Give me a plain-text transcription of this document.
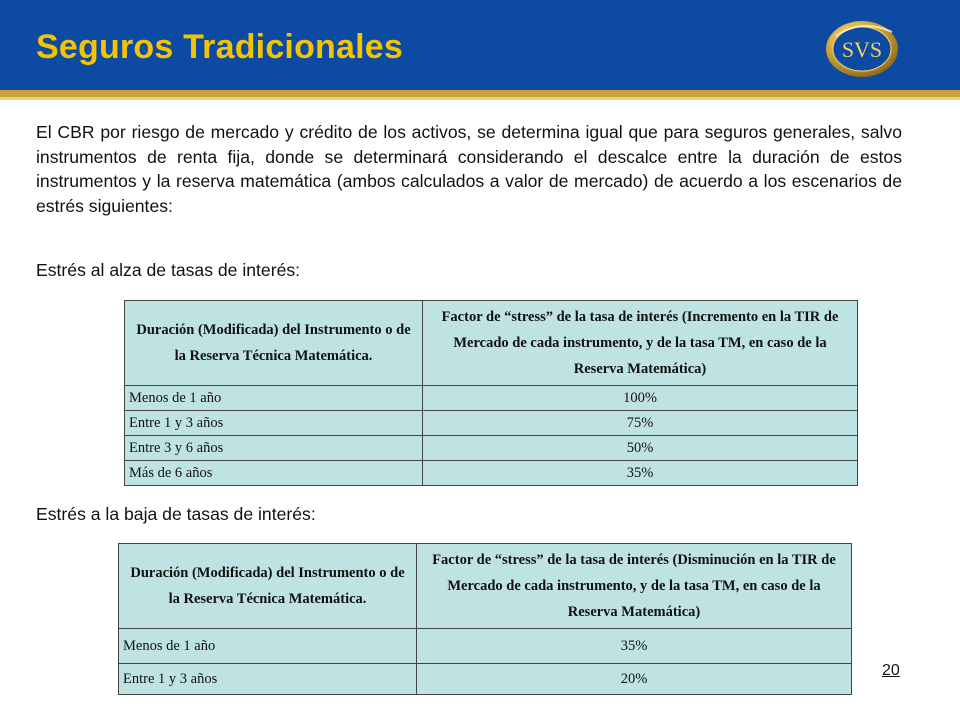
Seguros Tradicionales	SVS
El CBR por riesgo de mercado y crédito de los activos, se determina igual que para seguros generales, salvo instrumentos de renta fija, donde se determinará considerando el descalce entre la duración de estos instrumentos y la reserva matemática (ambos calculados a valor de mercado) de acuerdo a los escenarios de estrés siguientes:
Estrés al alza de tasas de interés:
Duración (Modificada) del Instrumento o de la Reserva Técnica Matemática.	Factor de “stress” de la tasa de interés (Incremento en la TIR de Mercado de cada instrumento, y de la tasa TM, en caso de la Reserva Matemática)
Menos de 1 año	100%
Entre 1 y 3 años	75%
Entre 3 y 6 años	50%
Más de 6 años	35%
Estrés a la baja de tasas de interés:
Duración (Modificada) del Instrumento o de la Reserva Técnica Matemática.	Factor de “stress” de la tasa de interés (Disminución en la TIR de Mercado de cada instrumento, y de la tasa TM, en caso de la Reserva Matemática)
Menos de 1 año	35%
Entre 1 y 3 años	20%	20
